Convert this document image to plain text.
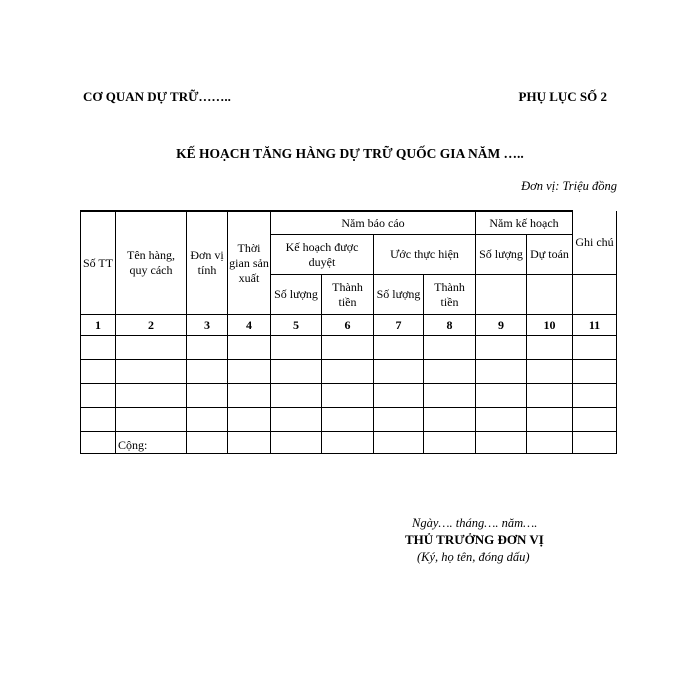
CƠ QUAN DỰ TRỮ……..	PHỤ LỤC SỐ 2
KẾ HOẠCH TĂNG HÀNG DỰ TRỮ QUỐC GIA NĂM …..
Đơn vị: Triệu đồng
Số TT	Tên hàng, quy cách	Đơn vị tính	Thời gian sản xuất	Năm báo cáo				Năm kế hoạch		Ghi chú
				Kế hoạch được duyệt		Ước thực hiện		Số lượng	Dự toán	
				Số lượng	Thành tiền	Số lượng	Thành tiền			
1	2	3	4	5	6	7	8	9	10	11

	Cộng:									
Ngày…. tháng…. năm….
THỦ TRƯỞNG ĐƠN VỊ
(Ký, họ tên, đóng dấu)
